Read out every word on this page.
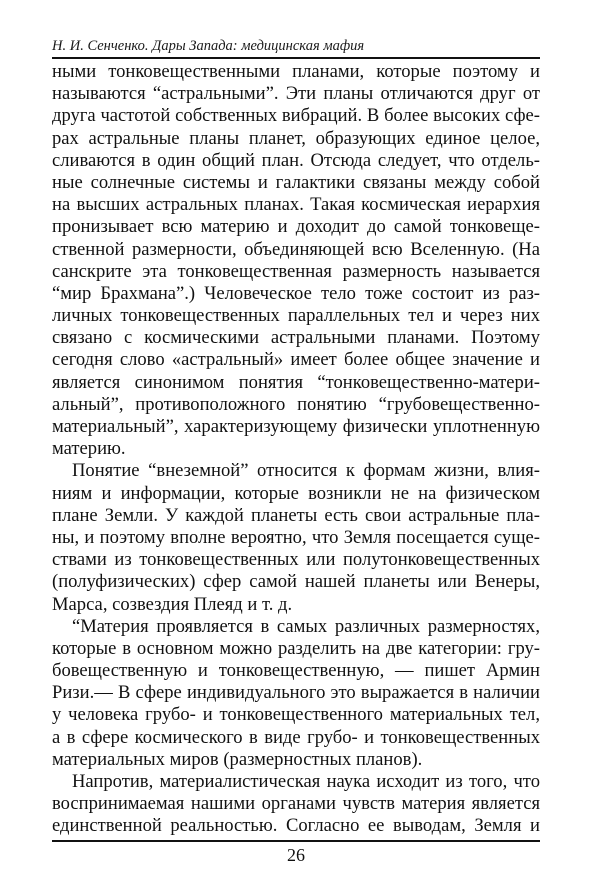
Н. И. Сенченко. Дары Запада: медицинская мафия
ными тонковещественными планами, которые поэтому и
называются “астральными”. Эти планы отличаются друг от
друга частотой собственных вибраций. В более высоких сфе-
рах астральные планы планет, образующих единое целое,
сливаются в один общий план. Отсюда следует, что отдель-
ные солнечные системы и галактики связаны между собой
на высших астральных планах. Такая космическая иерархия
пронизывает всю материю и доходит до самой тонковеще-
ственной размерности, объединяющей всю Вселенную. (На
санскрите эта тонковещественная размерность называется
“мир Брахмана”.) Человеческое тело тоже состоит из раз-
личных тонковещественных параллельных тел и через них
связано с космическими астральными планами. Поэтому
сегодня слово «астральный» имеет более общее значение и
является синонимом понятия “тонковещественно-матери-
альный”, противоположного понятию “грубовещественно-
материальный”, характеризующему физически уплотненную
материю.
Понятие “внеземной” относится к формам жизни, влия-
ниям и информации, которые возникли не на физическом
плане Земли. У каждой планеты есть свои астральные пла-
ны, и поэтому вполне вероятно, что Земля посещается суще-
ствами из тонковещественных или полутонковещественных
(полуфизических) сфер самой нашей планеты или Венеры,
Марса, созвездия Плеяд и т. д.
“Материя проявляется в самых различных размерностях,
которые в основном можно разделить на две категории: гру-
бовещественную и тонковещественную, — пишет Армин
Ризи.— В сфере индивидуального это выражается в наличии
у человека грубо- и тонковещественного материальных тел,
а в сфере космического в виде грубо- и тонковещественных
материальных миров (размерностных планов).
Напротив, материалистическая наука исходит из того, что
воспринимаемая нашими органами чувств материя является
единственной реальностью. Согласно ее выводам, Земля и
26
